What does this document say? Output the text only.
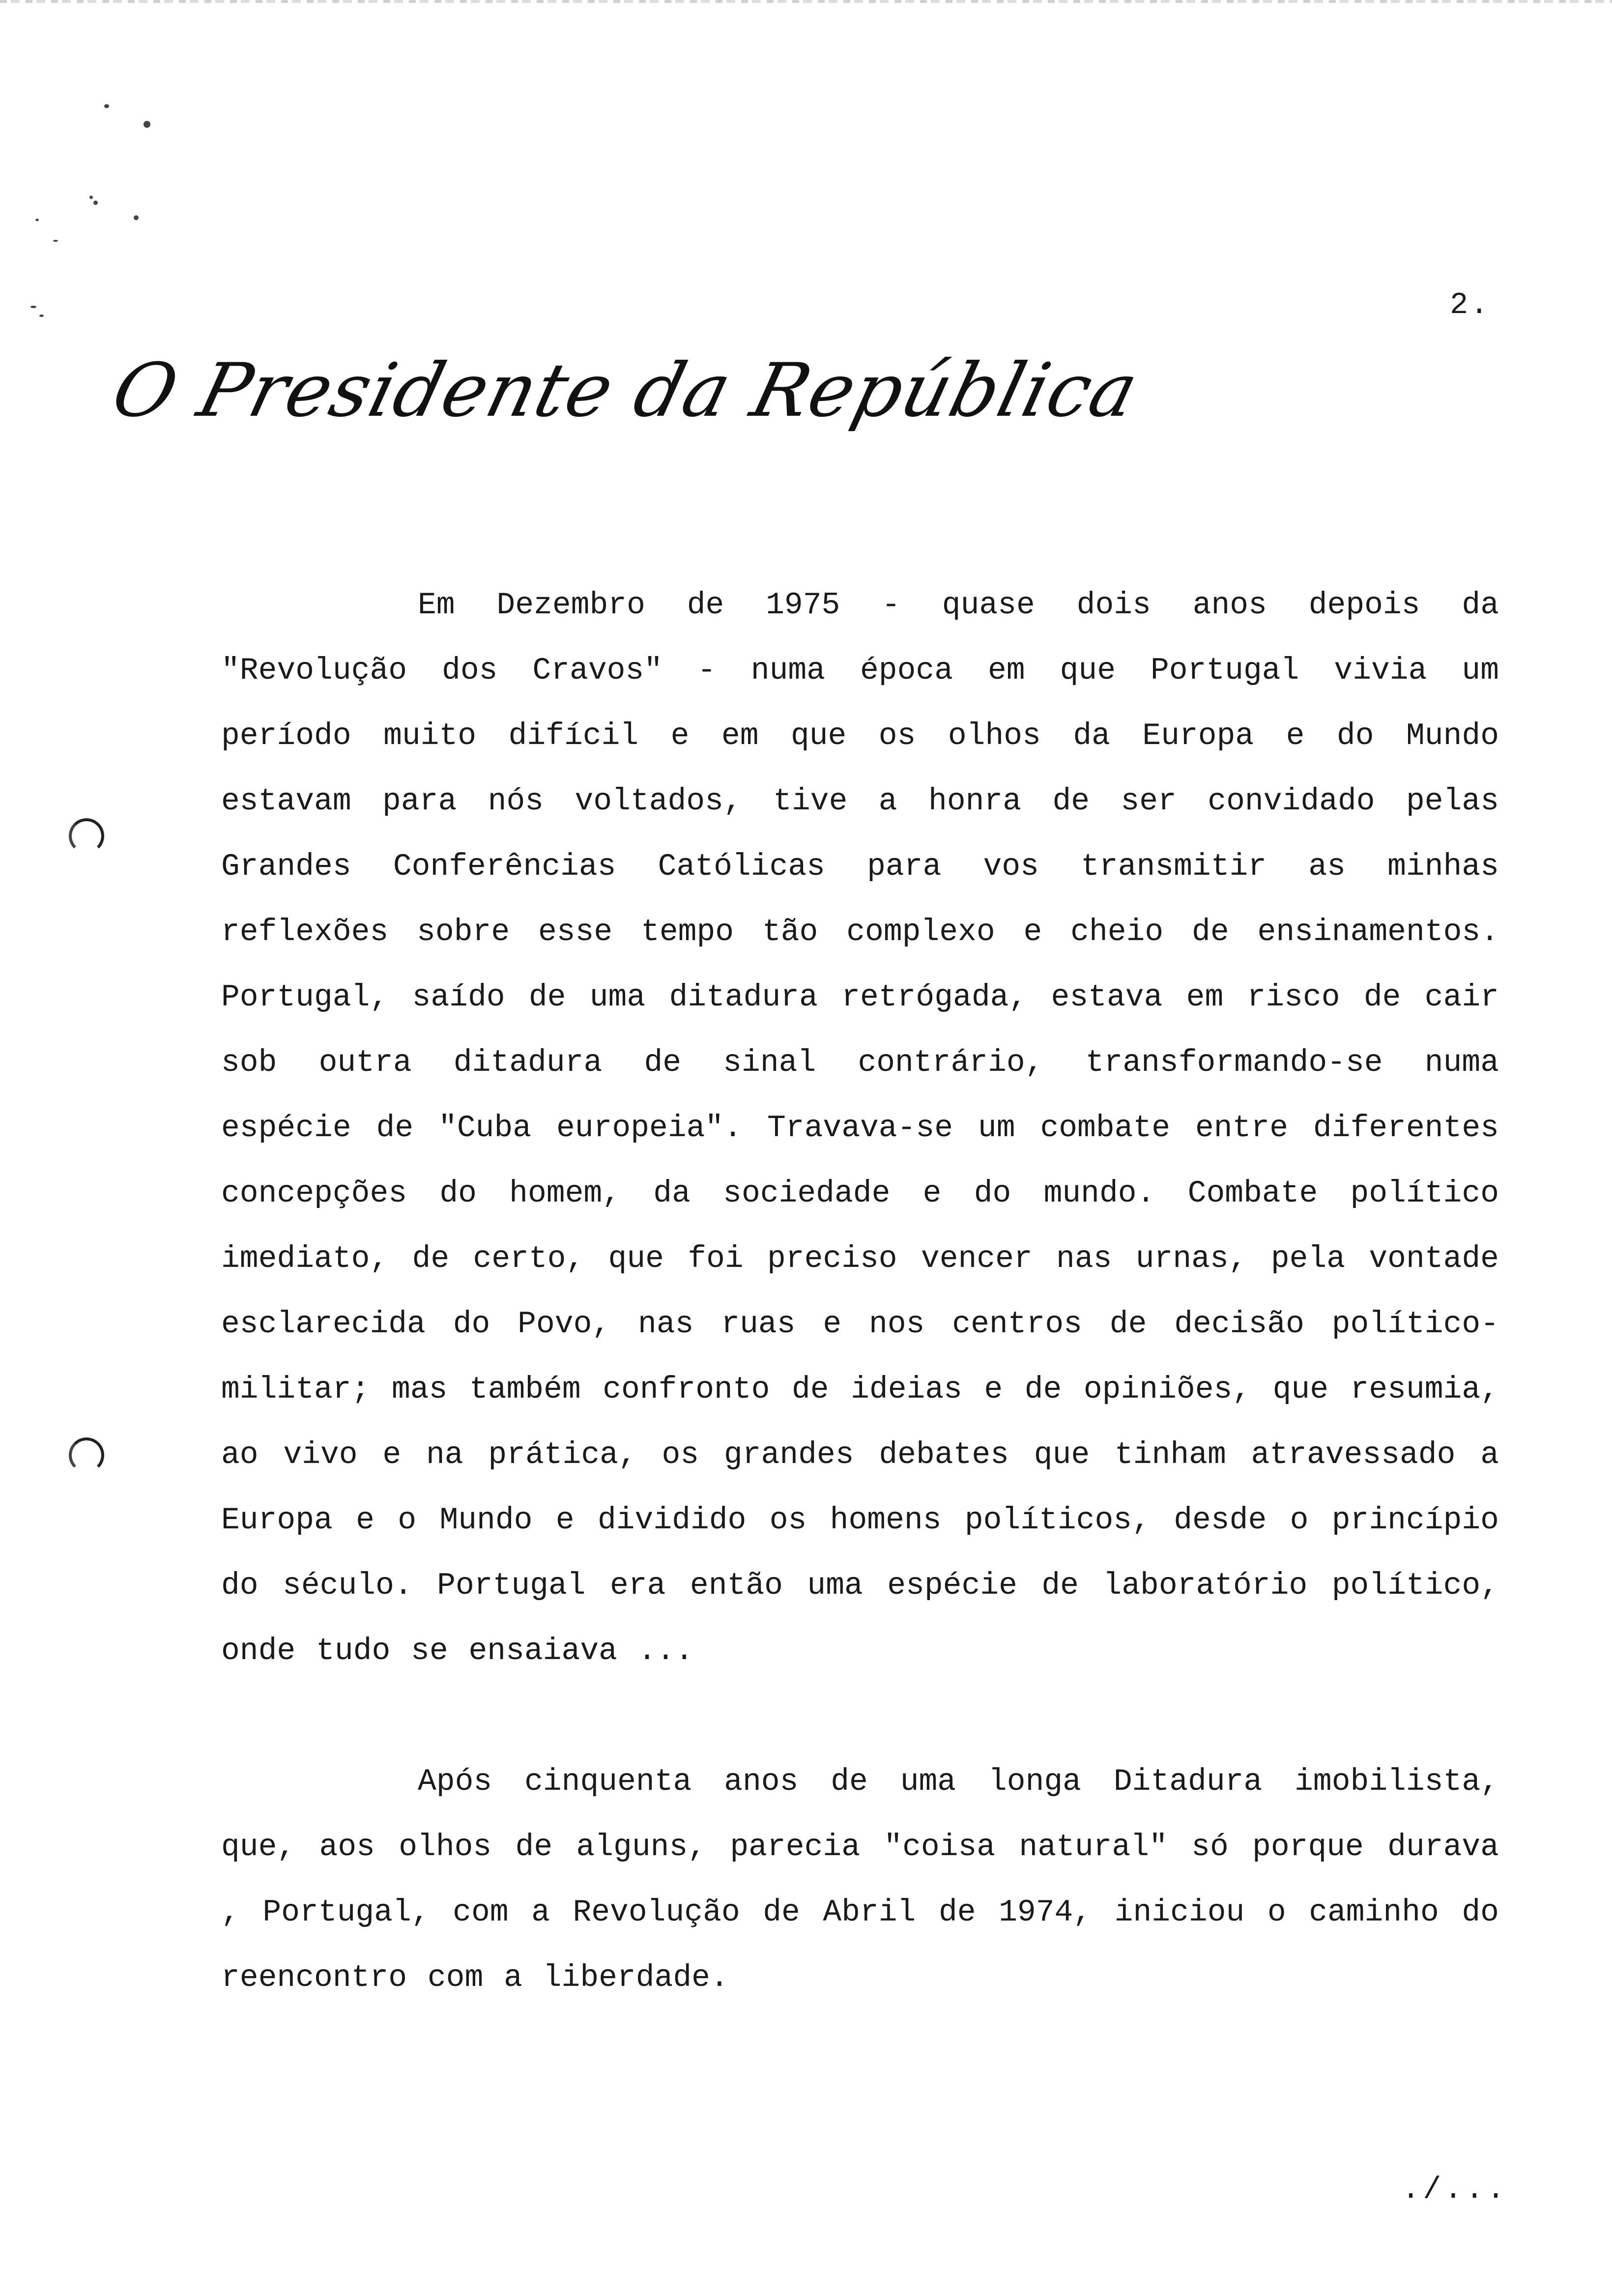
2.
O Presidente da República

Em Dezembro de 1975 - quase dois anos depois da "Revolução dos Cravos" - numa época em que Portugal vivia um período muito difícil e em que os olhos da Europa e do Mundo estavam para nós voltados, tive a honra de ser convidado pelas Grandes Conferências Católicas para vos transmitir as minhas reflexões sobre esse tempo tão complexo e cheio de ensinamentos. Portugal, saído de uma ditadura retrógada, estava em risco de cair sob outra ditadura de sinal contrário, transformando-se numa espécie de "Cuba europeia". Travava-se um combate entre diferentes concepções do homem, da sociedade e do mundo. Combate político imediato, de certo, que foi preciso vencer nas urnas, pela vontade esclarecida do Povo, nas ruas e nos centros de decisão político-militar; mas também confronto de ideias e de opiniões, que resumia, ao vivo e na prática, os grandes debates que tinham atravessado a Europa e o Mundo e dividido os homens políticos, desde o princípio do século. Portugal era então uma espécie de laboratório político, onde tudo se ensaiava ...

Após cinquenta anos de uma longa Ditadura imobilista, que, aos olhos de alguns, parecia "coisa natural" só porque durava , Portugal, com a Revolução de Abril de 1974, iniciou o caminho do reencontro com a liberdade.

./...
